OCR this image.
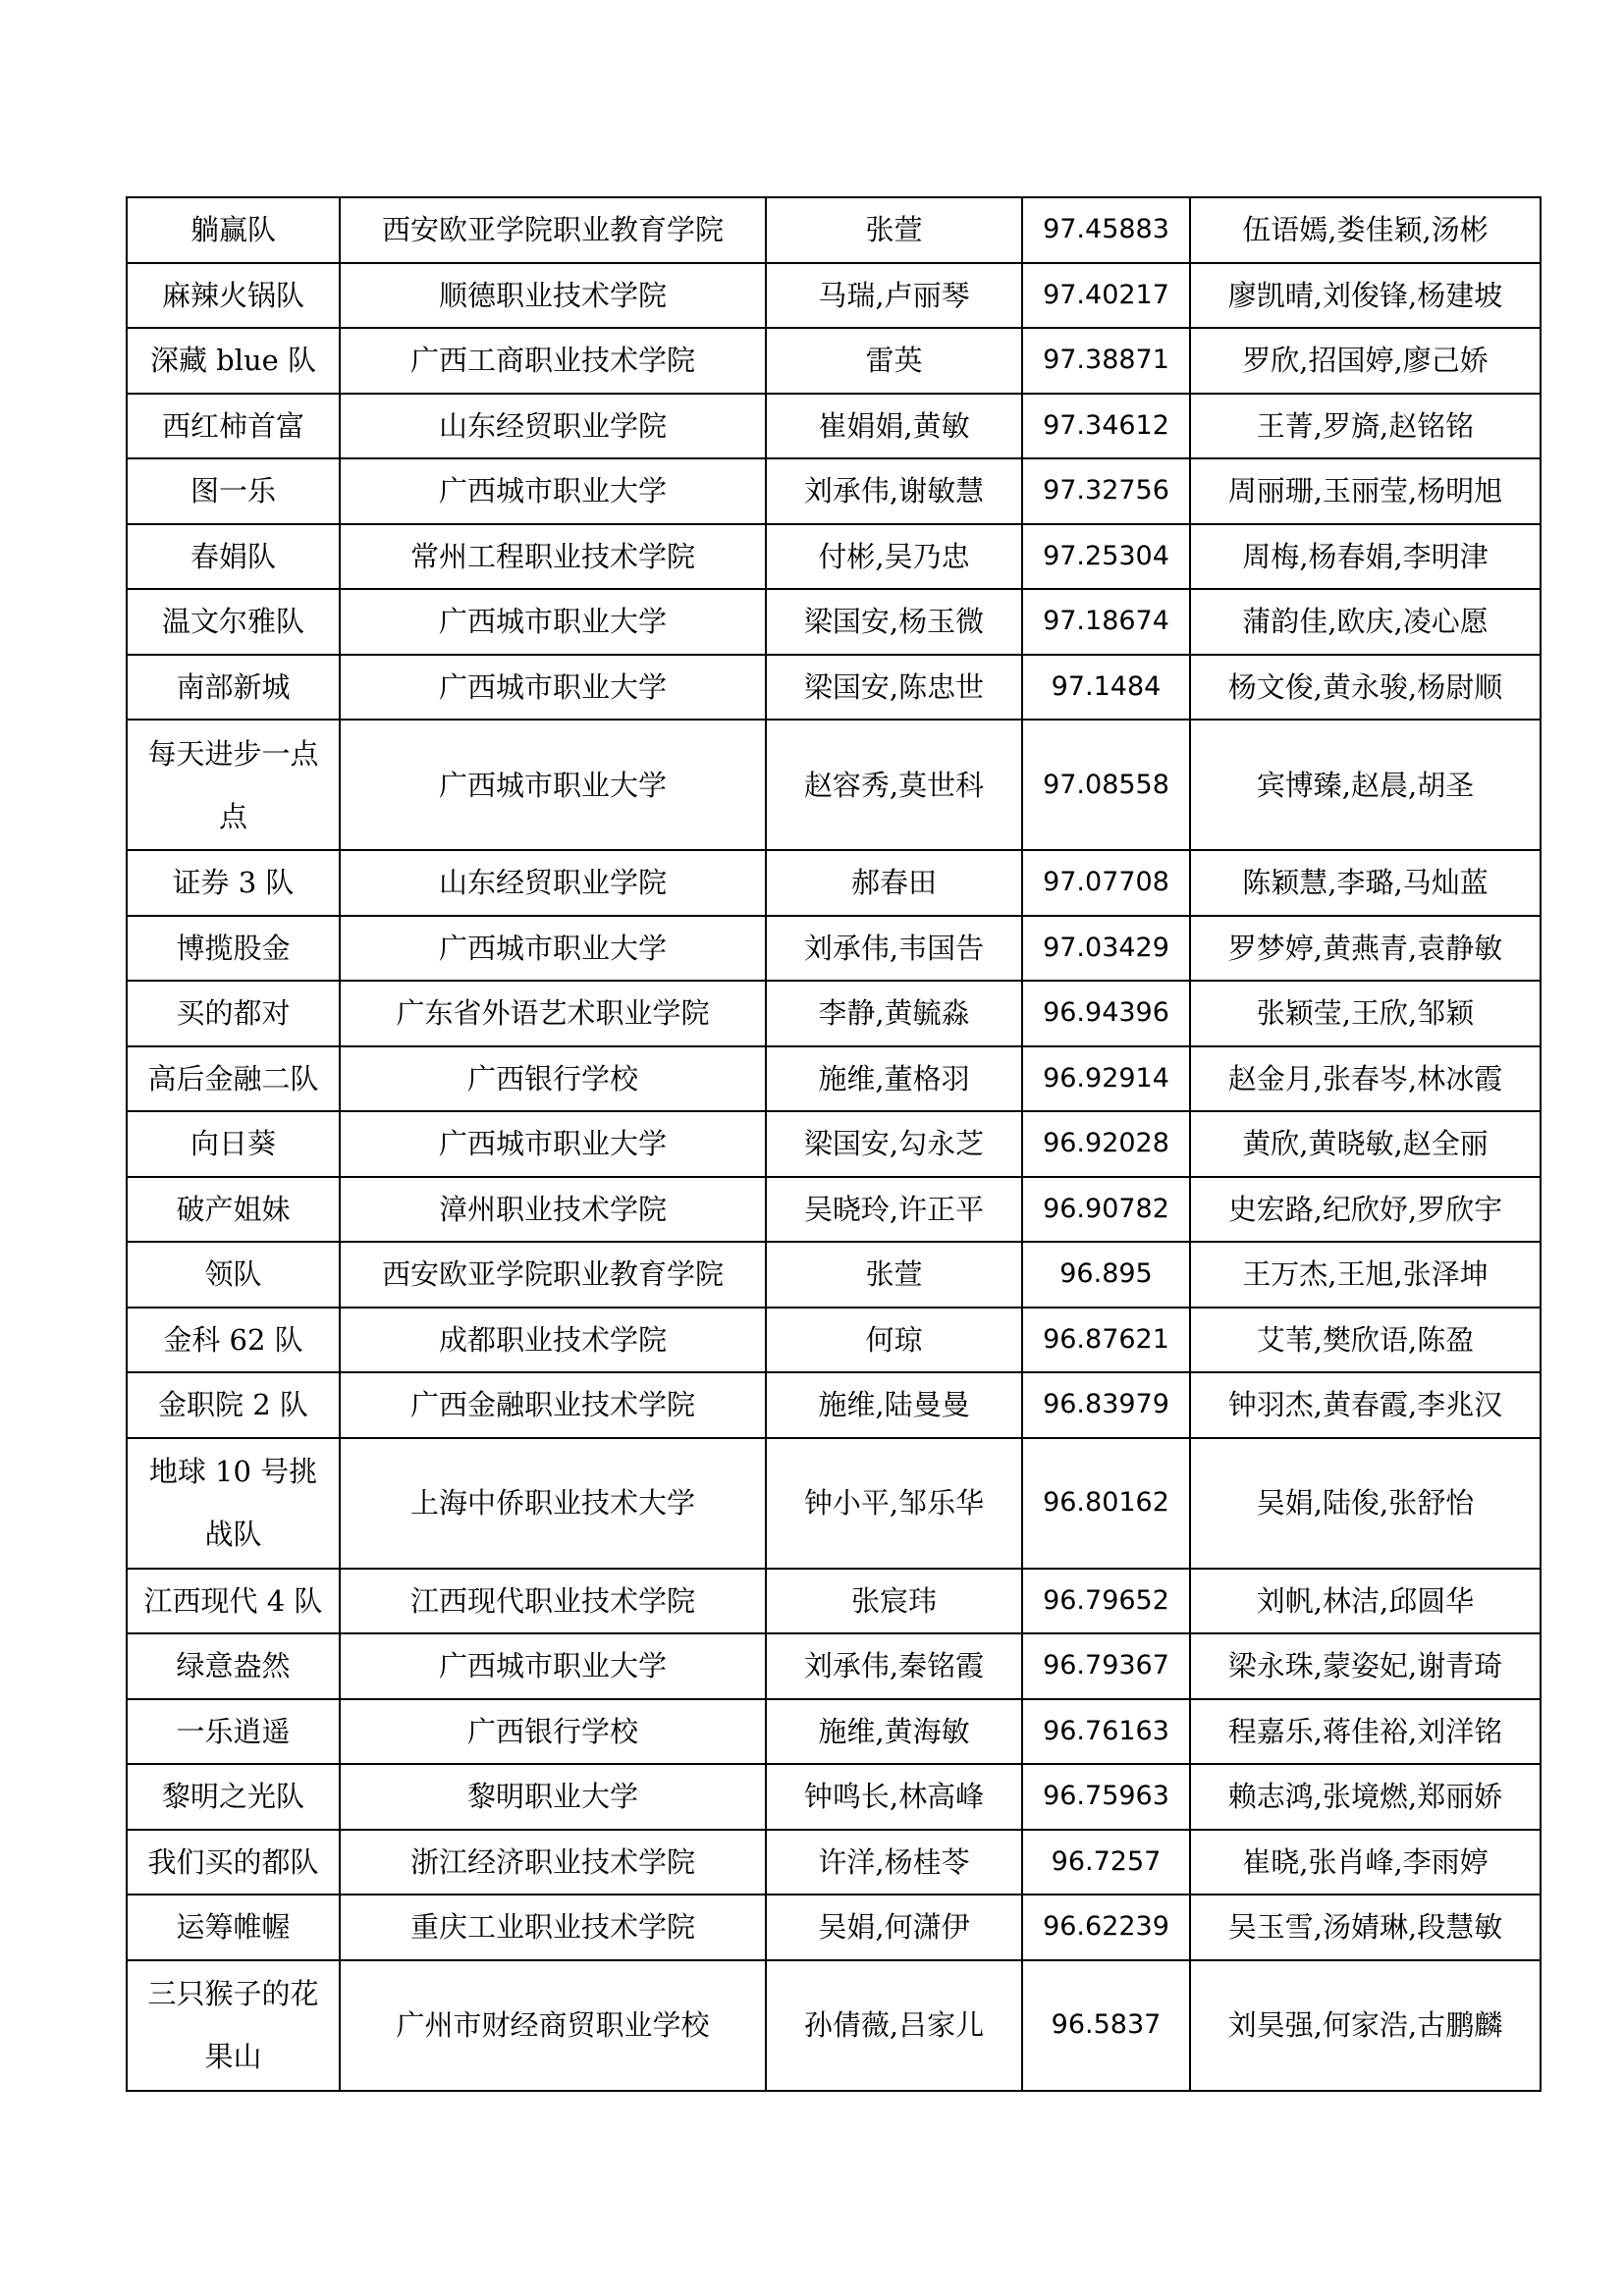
躺赢队	西安欧亚学院职业教育学院	张萱	97.45883	伍语嫣,娄佳颖,汤彬
麻辣火锅队	顺德职业技术学院	马瑞,卢丽琴	97.40217	廖凯晴,刘俊锋,杨建坡
深藏 blue 队	广西工商职业技术学院	雷英	97.38871	罗欣,招国婷,廖己娇
西红柿首富	山东经贸职业学院	崔娟娟,黄敏	97.34612	王菁,罗旖,赵铭铭
图一乐	广西城市职业大学	刘承伟,谢敏慧	97.32756	周丽珊,玉丽莹,杨明旭
春娟队	常州工程职业技术学院	付彬,吴乃忠	97.25304	周梅,杨春娟,李明津
温文尔雅队	广西城市职业大学	梁国安,杨玉微	97.18674	蒲韵佳,欧庆,凌心愿
南部新城	广西城市职业大学	梁国安,陈忠世	97.1484	杨文俊,黄永骏,杨尉顺
每天进步一点点	广西城市职业大学	赵容秀,莫世科	97.08558	宾博臻,赵晨,胡圣
证券 3 队	山东经贸职业学院	郝春田	97.07708	陈颖慧,李璐,马灿蓝
博揽股金	广西城市职业大学	刘承伟,韦国告	97.03429	罗梦婷,黄燕青,袁静敏
买的都对	广东省外语艺术职业学院	李静,黄毓淼	96.94396	张颖莹,王欣,邹颖
高后金融二队	广西银行学校	施维,董格羽	96.92914	赵金月,张春岑,林冰霞
向日葵	广西城市职业大学	梁国安,勾永芝	96.92028	黄欣,黄晓敏,赵全丽
破产姐妹	漳州职业技术学院	吴晓玲,许正平	96.90782	史宏路,纪欣妤,罗欣宇
领队	西安欧亚学院职业教育学院	张萱	96.895	王万杰,王旭,张泽坤
金科 62 队	成都职业技术学院	何琼	96.87621	艾苇,樊欣语,陈盈
金职院 2 队	广西金融职业技术学院	施维,陆曼曼	96.83979	钟羽杰,黄春霞,李兆汉
地球 10 号挑战队	上海中侨职业技术大学	钟小平,邹乐华	96.80162	吴娟,陆俊,张舒怡
江西现代 4 队	江西现代职业技术学院	张宸玮	96.79652	刘帆,林洁,邱圆华
绿意盎然	广西城市职业大学	刘承伟,秦铭霞	96.79367	梁永珠,蒙姿妃,谢青琦
一乐逍遥	广西银行学校	施维,黄海敏	96.76163	程嘉乐,蒋佳裕,刘洋铭
黎明之光队	黎明职业大学	钟鸣长,林高峰	96.75963	赖志鸿,张境燃,郑丽娇
我们买的都队	浙江经济职业技术学院	许洋,杨桂苓	96.7257	崔晓,张肖峰,李雨婷
运筹帷幄	重庆工业职业技术学院	吴娟,何潇伊	96.62239	吴玉雪,汤婧琳,段慧敏
三只猴子的花果山	广州市财经商贸职业学校	孙倩薇,吕家儿	96.5837	刘昊强,何家浩,古鹏麟
